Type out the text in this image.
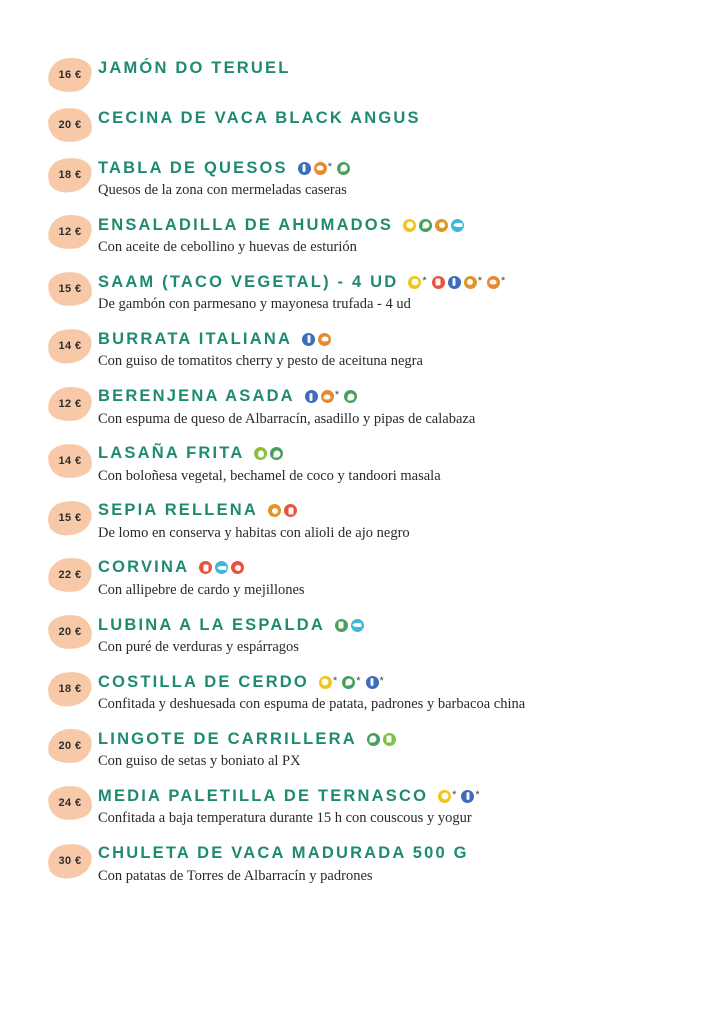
16 € JAMÓN DO TERUEL
20 € CECINA DE VACA BLACK ANGUS
18 € TABLA DE QUESOS	*
Quesos de la zona con mermeladas caseras
12 € ENSALADILLA DE AHUMADOS
Con aceite de cebollino y huevas de esturión
15 € SAAM (TACO VEGETAL) - 4 UD *	* *
De gambón con parmesano y mayonesa trufada - 4 ud
14 € BURRATA ITALIANA
Con guiso de tomatitos cherry y pesto de aceituna negra
12 € BERENJENA ASADA	*
Con espuma de queso de Albarracín, asadillo y pipas de calabaza
14 € LASAÑA FRITA
Con boloñesa vegetal, bechamel de coco y tandoori masala
15 € SEPIA RELLENA
De lomo en conserva y habitas con alioli de ajo negro
22 € CORVINA
Con allipebre de cardo y mejillones
20 € LUBINA A LA ESPALDA
Con puré de verduras y espárragos
18 € COSTILLA DE CERDO * * *
Confitada y deshuesada con espuma de patata, padrones y barbacoa china
20 € LINGOTE DE CARRILLERA
Con guiso de setas y boniato al PX
24 € MEDIA PALETILLA DE TERNASCO * *
Confitada a baja temperatura durante 15 h con couscous y yogur
30 € CHULETA DE VACA MADURADA 500 G
Con patatas de Torres de Albarracín y padrones
